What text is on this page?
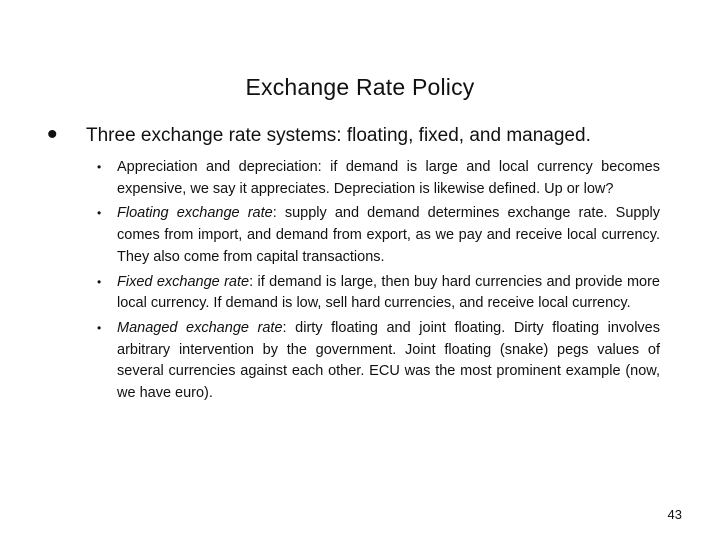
Exchange Rate Policy
• Three exchange rate systems: floating, fixed, and managed.
• Appreciation and depreciation: if demand is large and local currency becomes expensive, we say it appreciates. Depreciation is likewise defined. Up or low?
• Floating exchange rate: supply and demand determines exchange rate. Supply comes from import, and demand from export, as we pay and receive local currency. They also come from capital transactions.
• Fixed exchange rate: if demand is large, then buy hard currencies and provide more local currency. If demand is low, sell hard currencies, and receive local currency.
• Managed exchange rate: dirty floating and joint floating. Dirty floating involves arbitrary intervention by the government. Joint floating (snake) pegs values of several currencies against each other. ECU was the most prominent example (now, we have euro).
43
